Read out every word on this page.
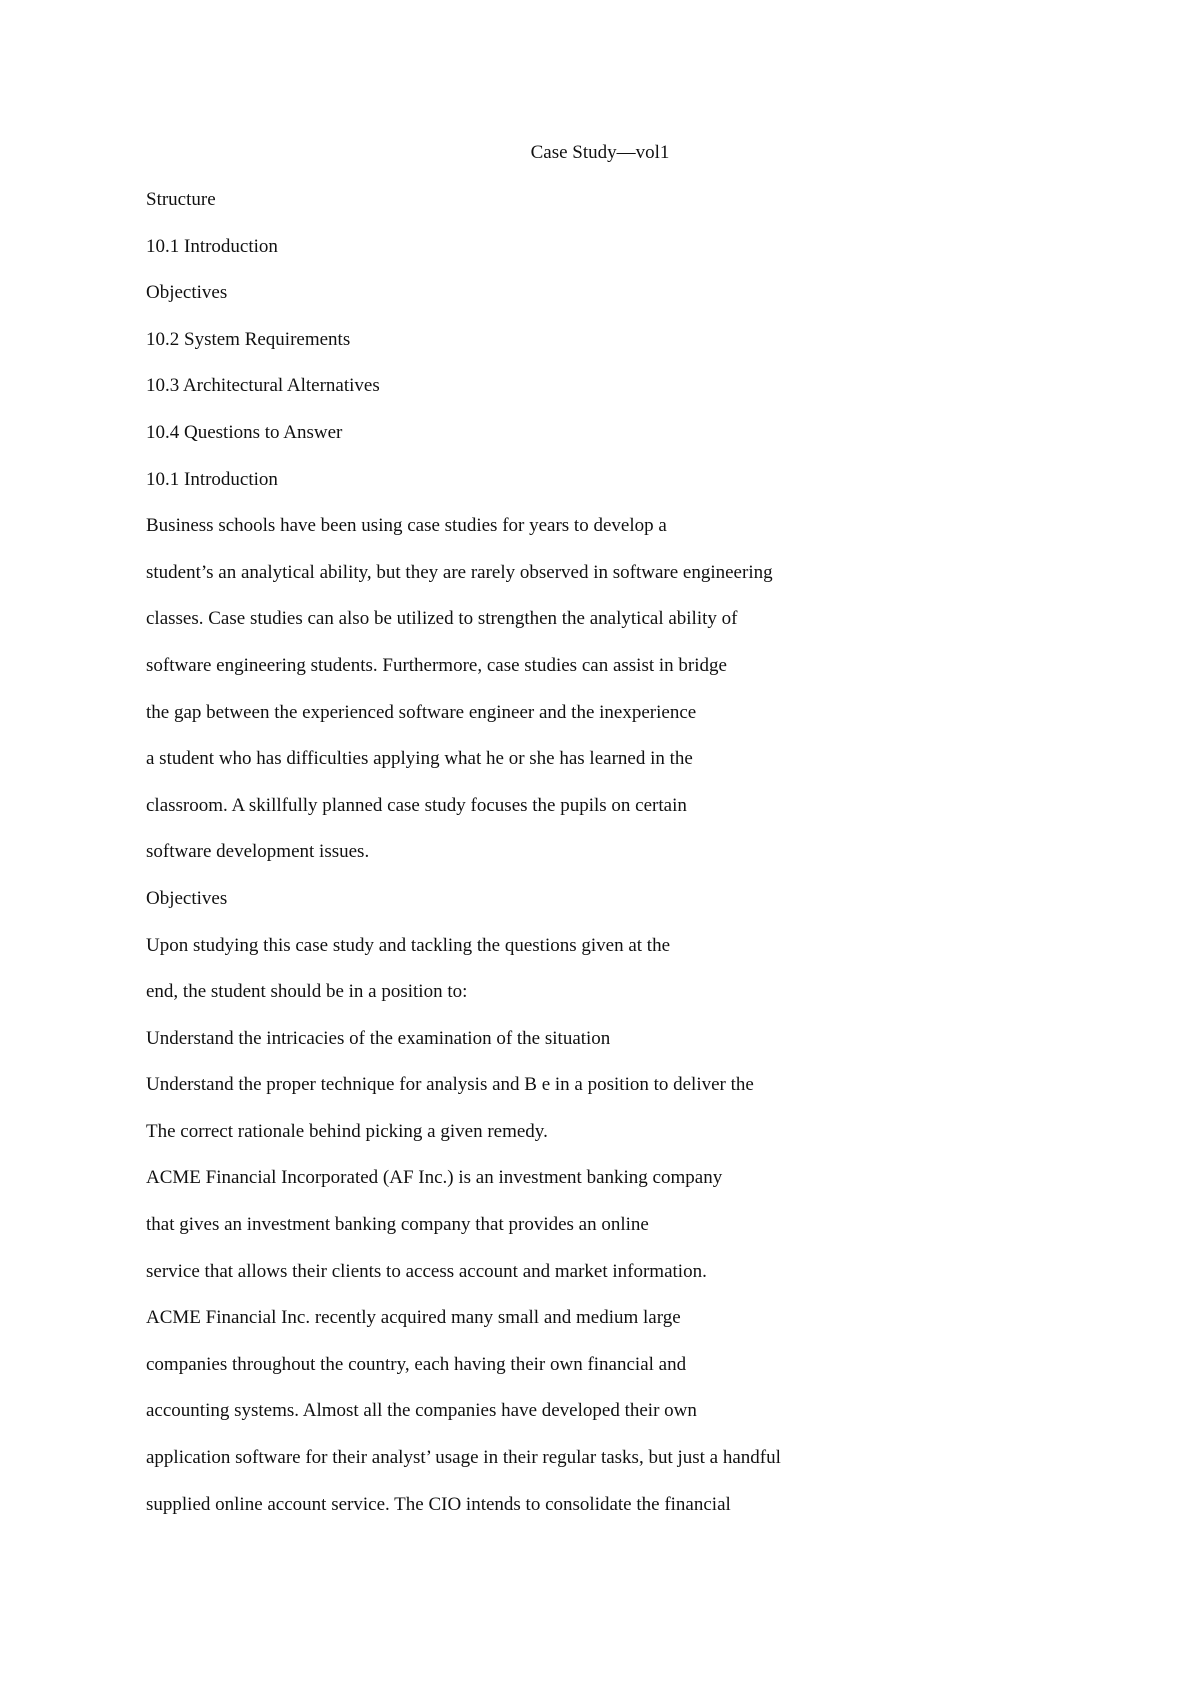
Case Study—vol1
Structure
10.1 Introduction
Objectives
10.2 System Requirements
10.3 Architectural Alternatives
10.4 Questions to Answer
10.1 Introduction
Business schools have been using case studies for years to develop a
student’s an analytical ability, but they are rarely observed in software engineering
classes. Case studies can also be utilized to strengthen the analytical ability of
software engineering students. Furthermore, case studies can assist in bridge
the gap between the experienced software engineer and the inexperience
a student who has difficulties applying what he or she has learned in the
classroom. A skillfully planned case study focuses the pupils on certain
software development issues.
Objectives
Upon studying this case study and tackling the questions given at the
end, the student should be in a position to:
Understand the intricacies of the examination of the situation
Understand the proper technique for analysis and B e in a position to deliver the
The correct rationale behind picking a given remedy.
ACME Financial Incorporated (AF Inc.) is an investment banking company
that gives an investment banking company that provides an online
service that allows their clients to access account and market information.
ACME Financial Inc. recently acquired many small and medium large
companies throughout the country, each having their own financial and
accounting systems. Almost all the companies have developed their own
application software for their analyst’ usage in their regular tasks, but just a handful
supplied online account service. The CIO intends to consolidate the financial
